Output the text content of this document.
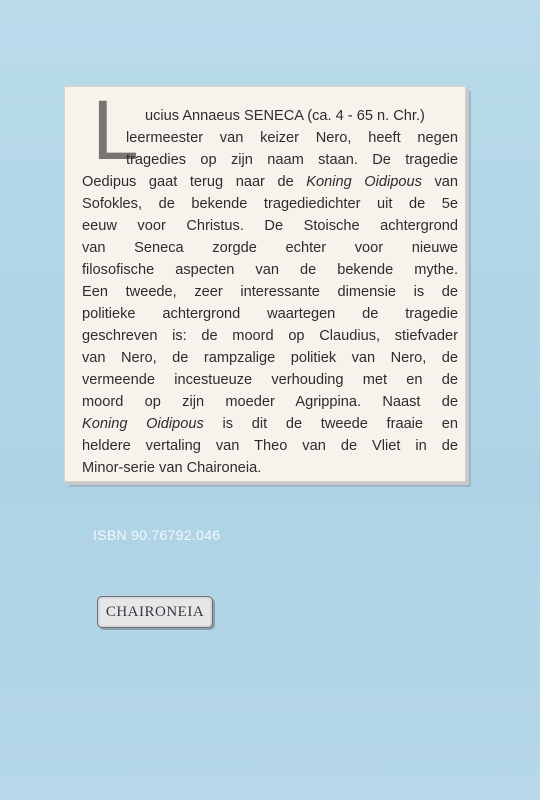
L ucius Annaeus SENECA (ca. 4 - 65 n. Chr.)
leermeester van keizer Nero, heeft negen
tragedies op zijn naam staan. De tragedie
Oedipus gaat terug naar de Koning Oidipous van
Sofokles, de bekende tragediedichter uit de 5e
eeuw voor Christus. De Stoische achtergrond
van Seneca zorgde echter voor nieuwe
filosofische aspecten van de bekende mythe.
Een tweede, zeer interessante dimensie is de
politieke achtergrond waartegen de tragedie
geschreven is: de moord op Claudius, stiefvader
van Nero, de rampzalige politiek van Nero, de
vermeende incestueuze verhouding met en de
moord op zijn moeder Agrippina. Naast de
Koning Oidipous is dit de tweede fraaie en
heldere vertaling van Theo van de Vliet in de
Minor-serie van Chaironeia.
ISBN 90.76792.046
CHAIRONEIA
